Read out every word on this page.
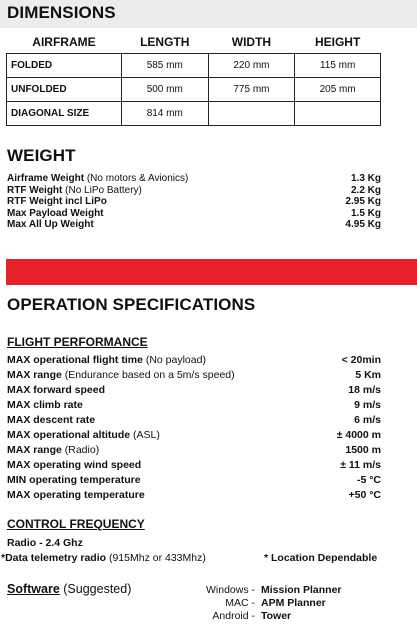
DIMENSIONS
AIRFRAME	LENGTH	WIDTH	HEIGHT
FOLDED	585 mm	220 mm	115 mm
UNFOLDED	500 mm	775 mm	205 mm
DIAGONAL SIZE	814 mm		
WEIGHT
Airframe Weight (No motors & Avionics)	1.3 Kg
RTF Weight (No LiPo Battery)	2.2 Kg
RTF Weight incl LiPo	2.95 Kg
Max Payload Weight	1.5 Kg
Max All Up Weight	4.95 Kg
OPERATION SPECIFICATIONS
FLIGHT PERFORMANCE
MAX operational flight time (No payload)	< 20min
MAX range (Endurance based on a 5m/s speed)	5 Km
MAX forward speed	18 m/s
MAX climb rate	9 m/s
MAX descent rate	6 m/s
MAX operational altitude (ASL)	± 4000 m
MAX range (Radio)	1500 m
MAX operating wind speed	± 11 m/s
MIN operating temperature	-5 °C
MAX operating temperature	+50 °C
CONTROL FREQUENCY
Radio - 2.4 Ghz
*Data telemetry radio (915Mhz or 433Mhz)	* Location Dependable
Software (Suggested)	Windows - Mission Planner
MAC - APM Planner
Android - Tower
